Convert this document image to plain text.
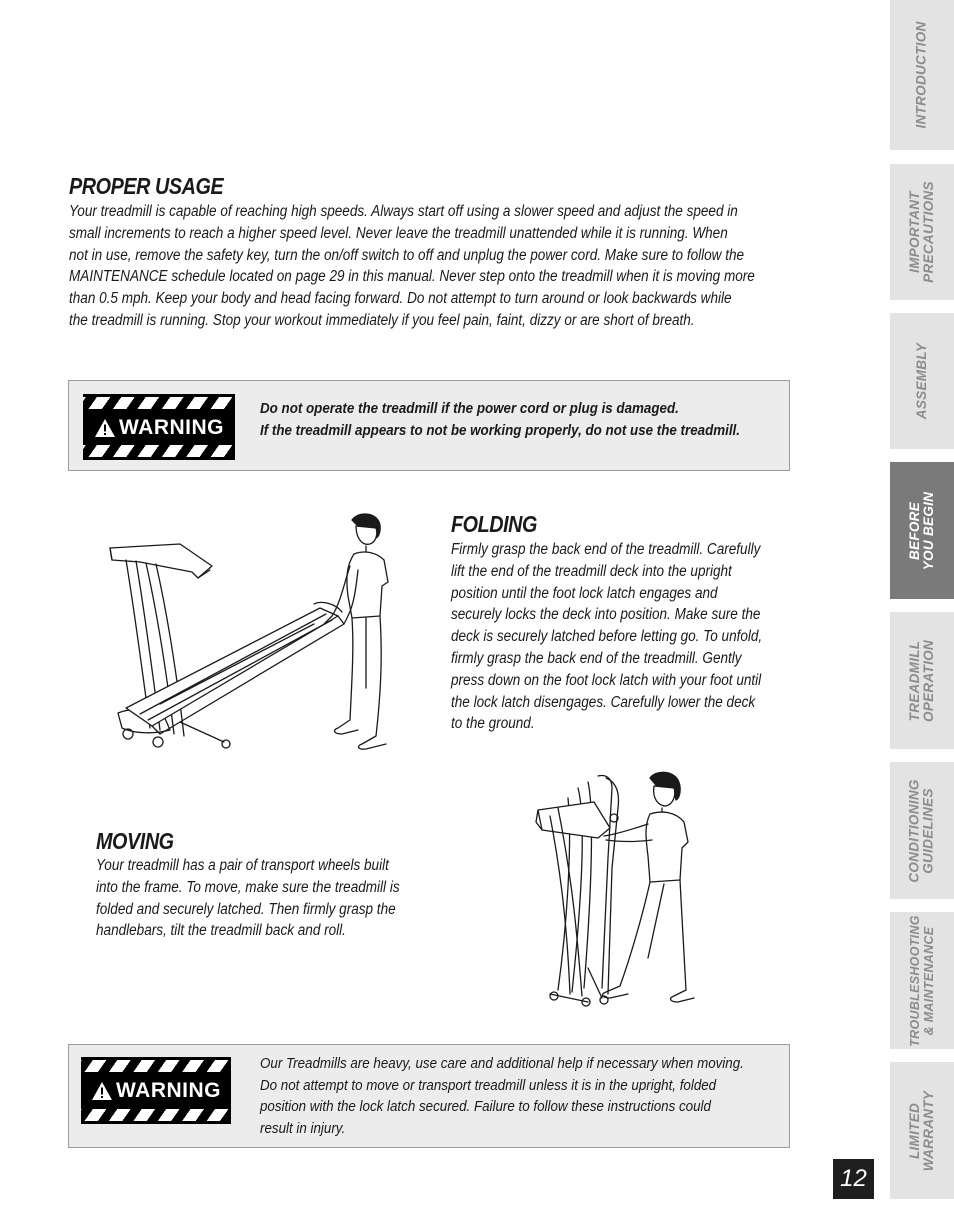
PROPER USAGE
Your treadmill is capable of reaching high speeds. Always start off using a slower speed and adjust the speed in
small increments to reach a higher speed level. Never leave the treadmill unattended while it is running. When
not in use, remove the safety key, turn the on/off switch to off and unplug the power cord. Make sure to follow the
MAINTENANCE schedule located on page 29 in this manual. Never step onto the treadmill when it is moving more
than 0.5 mph. Keep your body and head facing forward. Do not attempt to turn around or look backwards while
the treadmill is running. Stop your workout immediately if you feel pain, faint, dizzy or are short of breath.
WARNING
Do not operate the treadmill if the power cord or plug is damaged.
If the treadmill appears to not be working properly, do not use the treadmill.
FOLDING
Firmly grasp the back end of the treadmill. Carefully
lift the end of the treadmill deck into the upright
position until the foot lock latch engages and
securely locks the deck into position. Make sure the
deck is securely latched before letting go. To unfold,
firmly grasp the back end of the treadmill. Gently
press down on the foot lock latch with your foot until
the lock latch disengages. Carefully lower the deck
to the ground.
MOVING
Your treadmill has a pair of transport wheels built
into the frame. To move, make sure the treadmill is
folded and securely latched. Then firmly grasp the
handlebars, tilt the treadmill back and roll.
WARNING
Our Treadmills are heavy, use care and additional help if necessary when moving.
Do not attempt to move or transport treadmill unless it is in the upright, folded
position with the lock latch secured. Failure to follow these instructions could
result in injury.
INTRODUCTION
IMPORTANT
PRECAUTIONS
ASSEMBLY
BEFORE
YOU BEGIN
TREADMILL
OPERATION
CONDITIONING
GUIDELINES
TROUBLESHOOTING
& MAINTENANCE
LIMITED
WARRANTY
12
